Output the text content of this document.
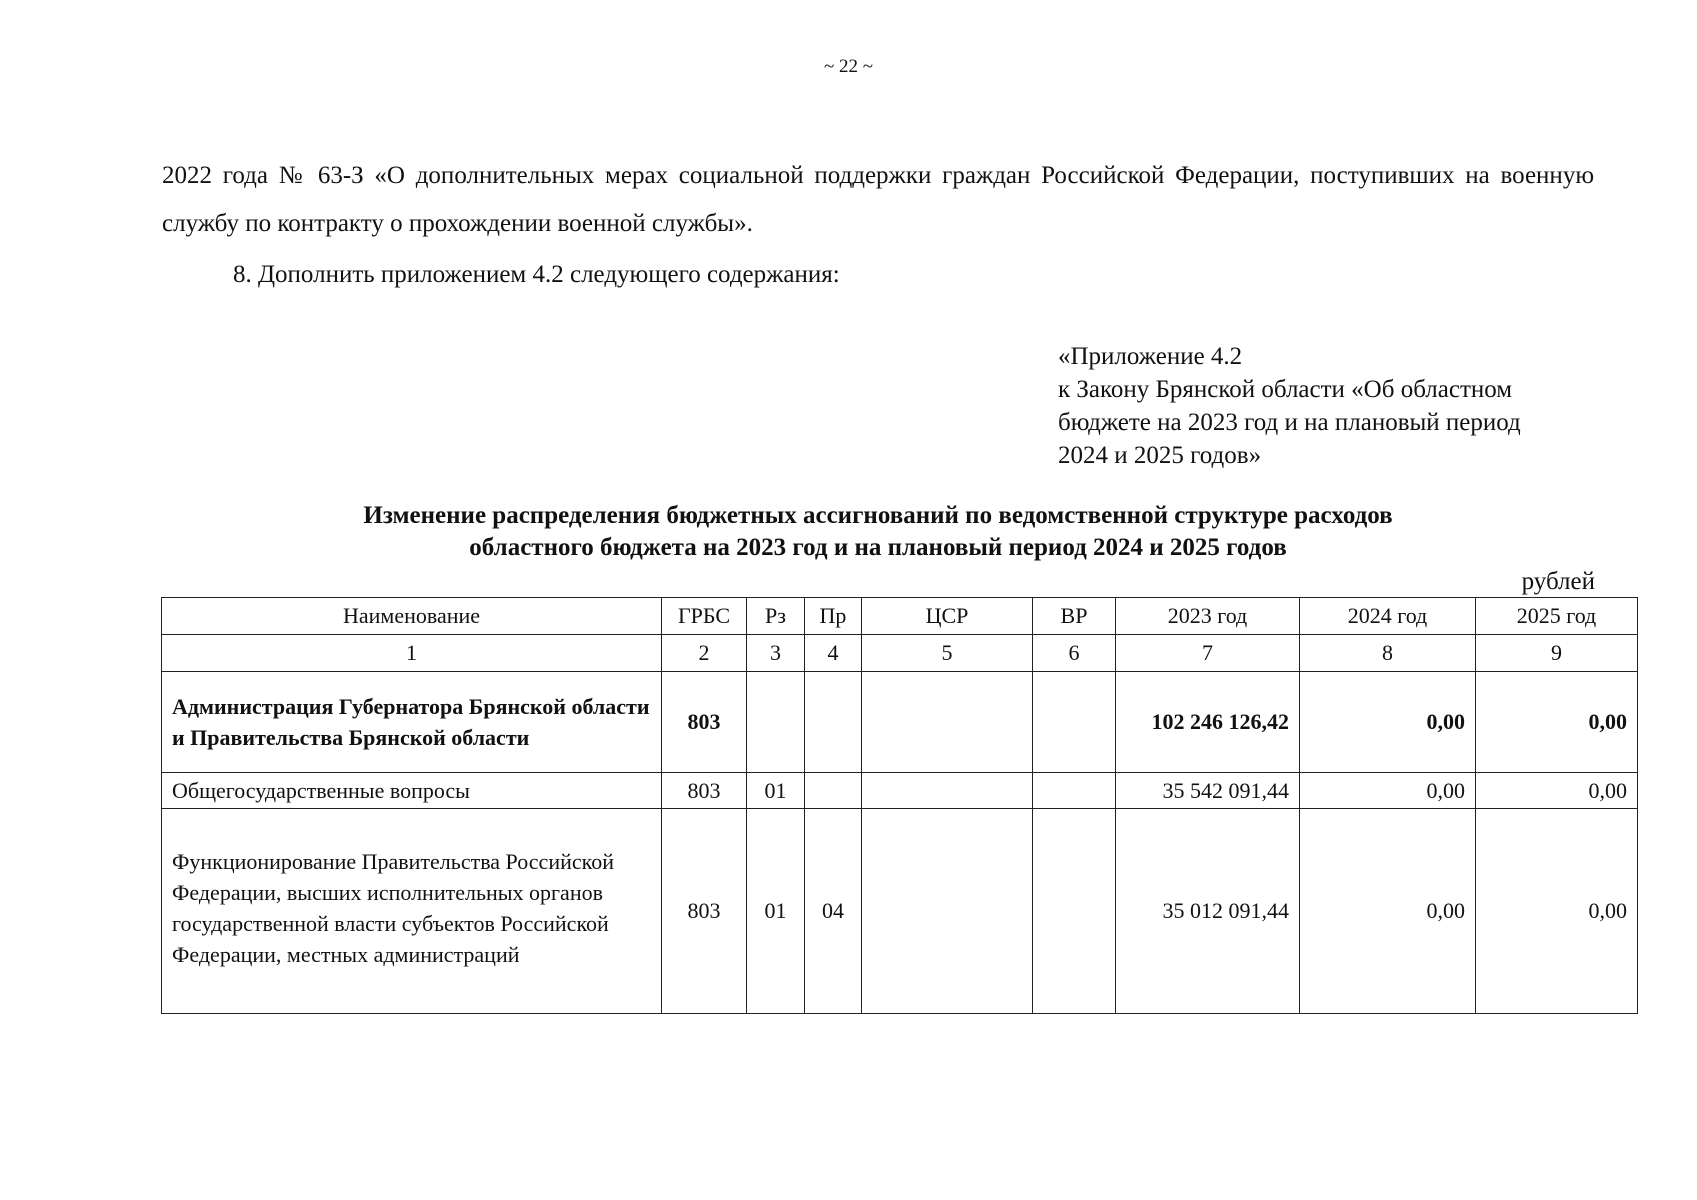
~ 22 ~
2022 года № 63-З «О дополнительных мерах социальной поддержки граждан Российской Федерации, поступивших на военную службу по контракту о прохождении военной службы».
8. Дополнить приложением 4.2 следующего содержания:
«Приложение 4.2
к Закону Брянской области «Об областном
бюджете на 2023 год и на плановый период
2024 и 2025 годов»
Изменение распределения бюджетных ассигнований по ведомственной структуре расходов
областного бюджета на 2023 год и на плановый период 2024 и 2025 годов
рублей
Наименование	ГРБС	Рз	Пр	ЦСР	ВР	2023 год	2024 год	2025 год
1	2	3	4	5	6	7	8	9
Администрация Губернатора Брянской области и Правительства Брянской области	803					102 246 126,42	0,00	0,00
Общегосударственные вопросы	803	01				35 542 091,44	0,00	0,00
Функционирование Правительства Российской Федерации, высших исполнительных органов государственной власти субъектов Российской Федерации, местных администраций	803	01	04			35 012 091,44	0,00	0,00
